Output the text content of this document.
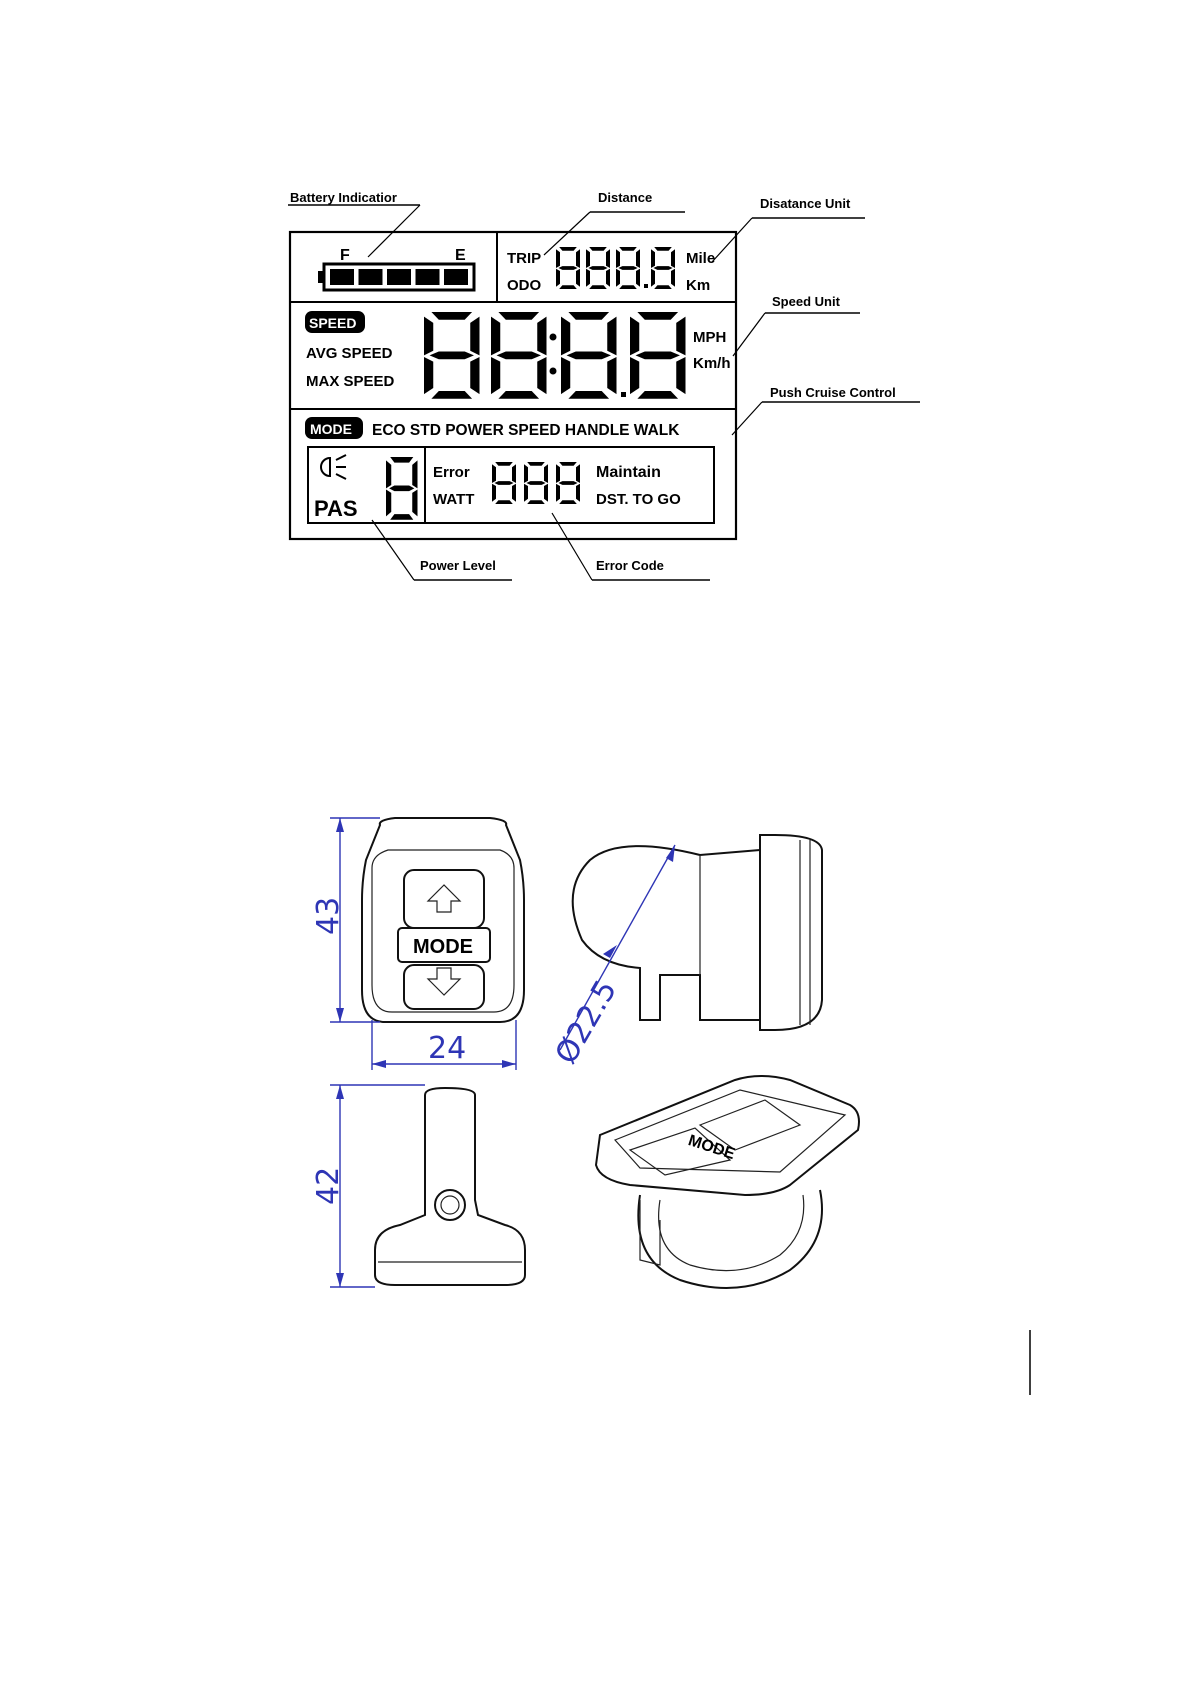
Battery Indicatior	Distance	Disatance Unit
Speed Unit
Push Cruise Control
Power Level	Error Code
F	E	TRIP
ODO
Mile
Km
SPEED
AVG SPEED
MAX SPEED
MPH
Km/h
MODE ECO STD POWER SPEED HANDLE WALK
PAS
Error
WATT
Maintain
DST. TO GO
MODE
43
24	Ø22.5
42
MODE
